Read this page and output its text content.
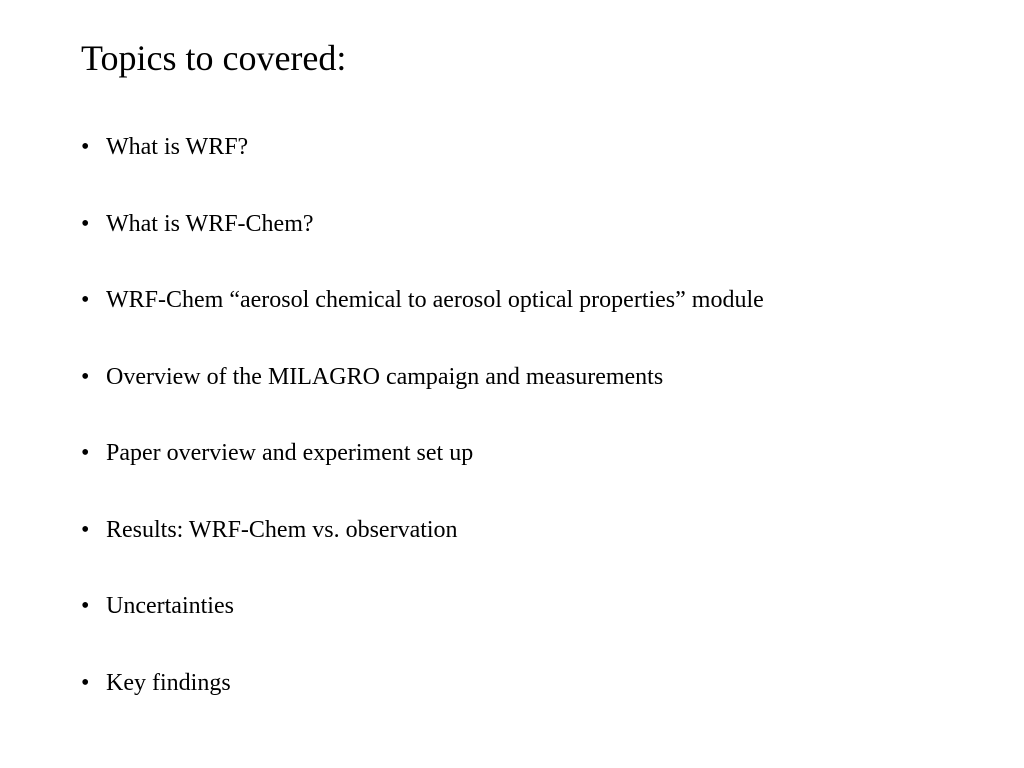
Topics to covered:
• What is WRF?
• What is WRF-Chem?
• WRF-Chem “aerosol chemical to aerosol optical properties” module
• Overview of the MILAGRO campaign and measurements
• Paper overview and experiment set up
• Results: WRF-Chem vs. observation
• Uncertainties
• Key findings
